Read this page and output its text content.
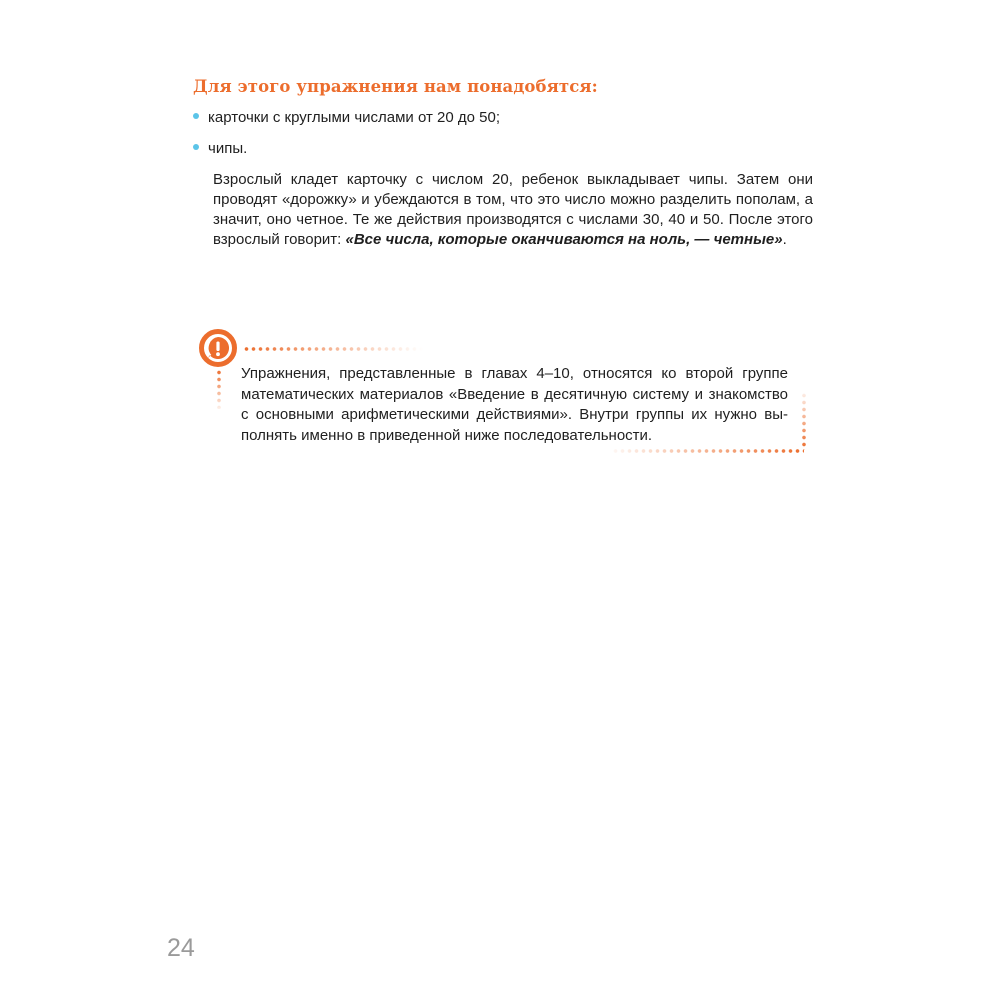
Для этого упражнения нам понадобятся:
карточки с круглыми числами от 20 до 50;
чипы.

Взрослый кладет карточку с числом 20, ребенок выкладывает чипы. Затем они проводят «дорожку» и убеждаются в том, что это число можно разделить пополам, а значит, оно четное. Те же действия производятся с числами 30, 40 и 50. После этого взрослый говорит: «Все числа, которые оканчиваются на ноль, — четные».

Упражнения, представленные в главах 4–10, относятся ко второй группе математических материалов «Введение в десятичную систему и знакомство с основными арифметическими действиями». Внутри группы их нужно выполнять именно в приведенной ниже последовательности.

24
